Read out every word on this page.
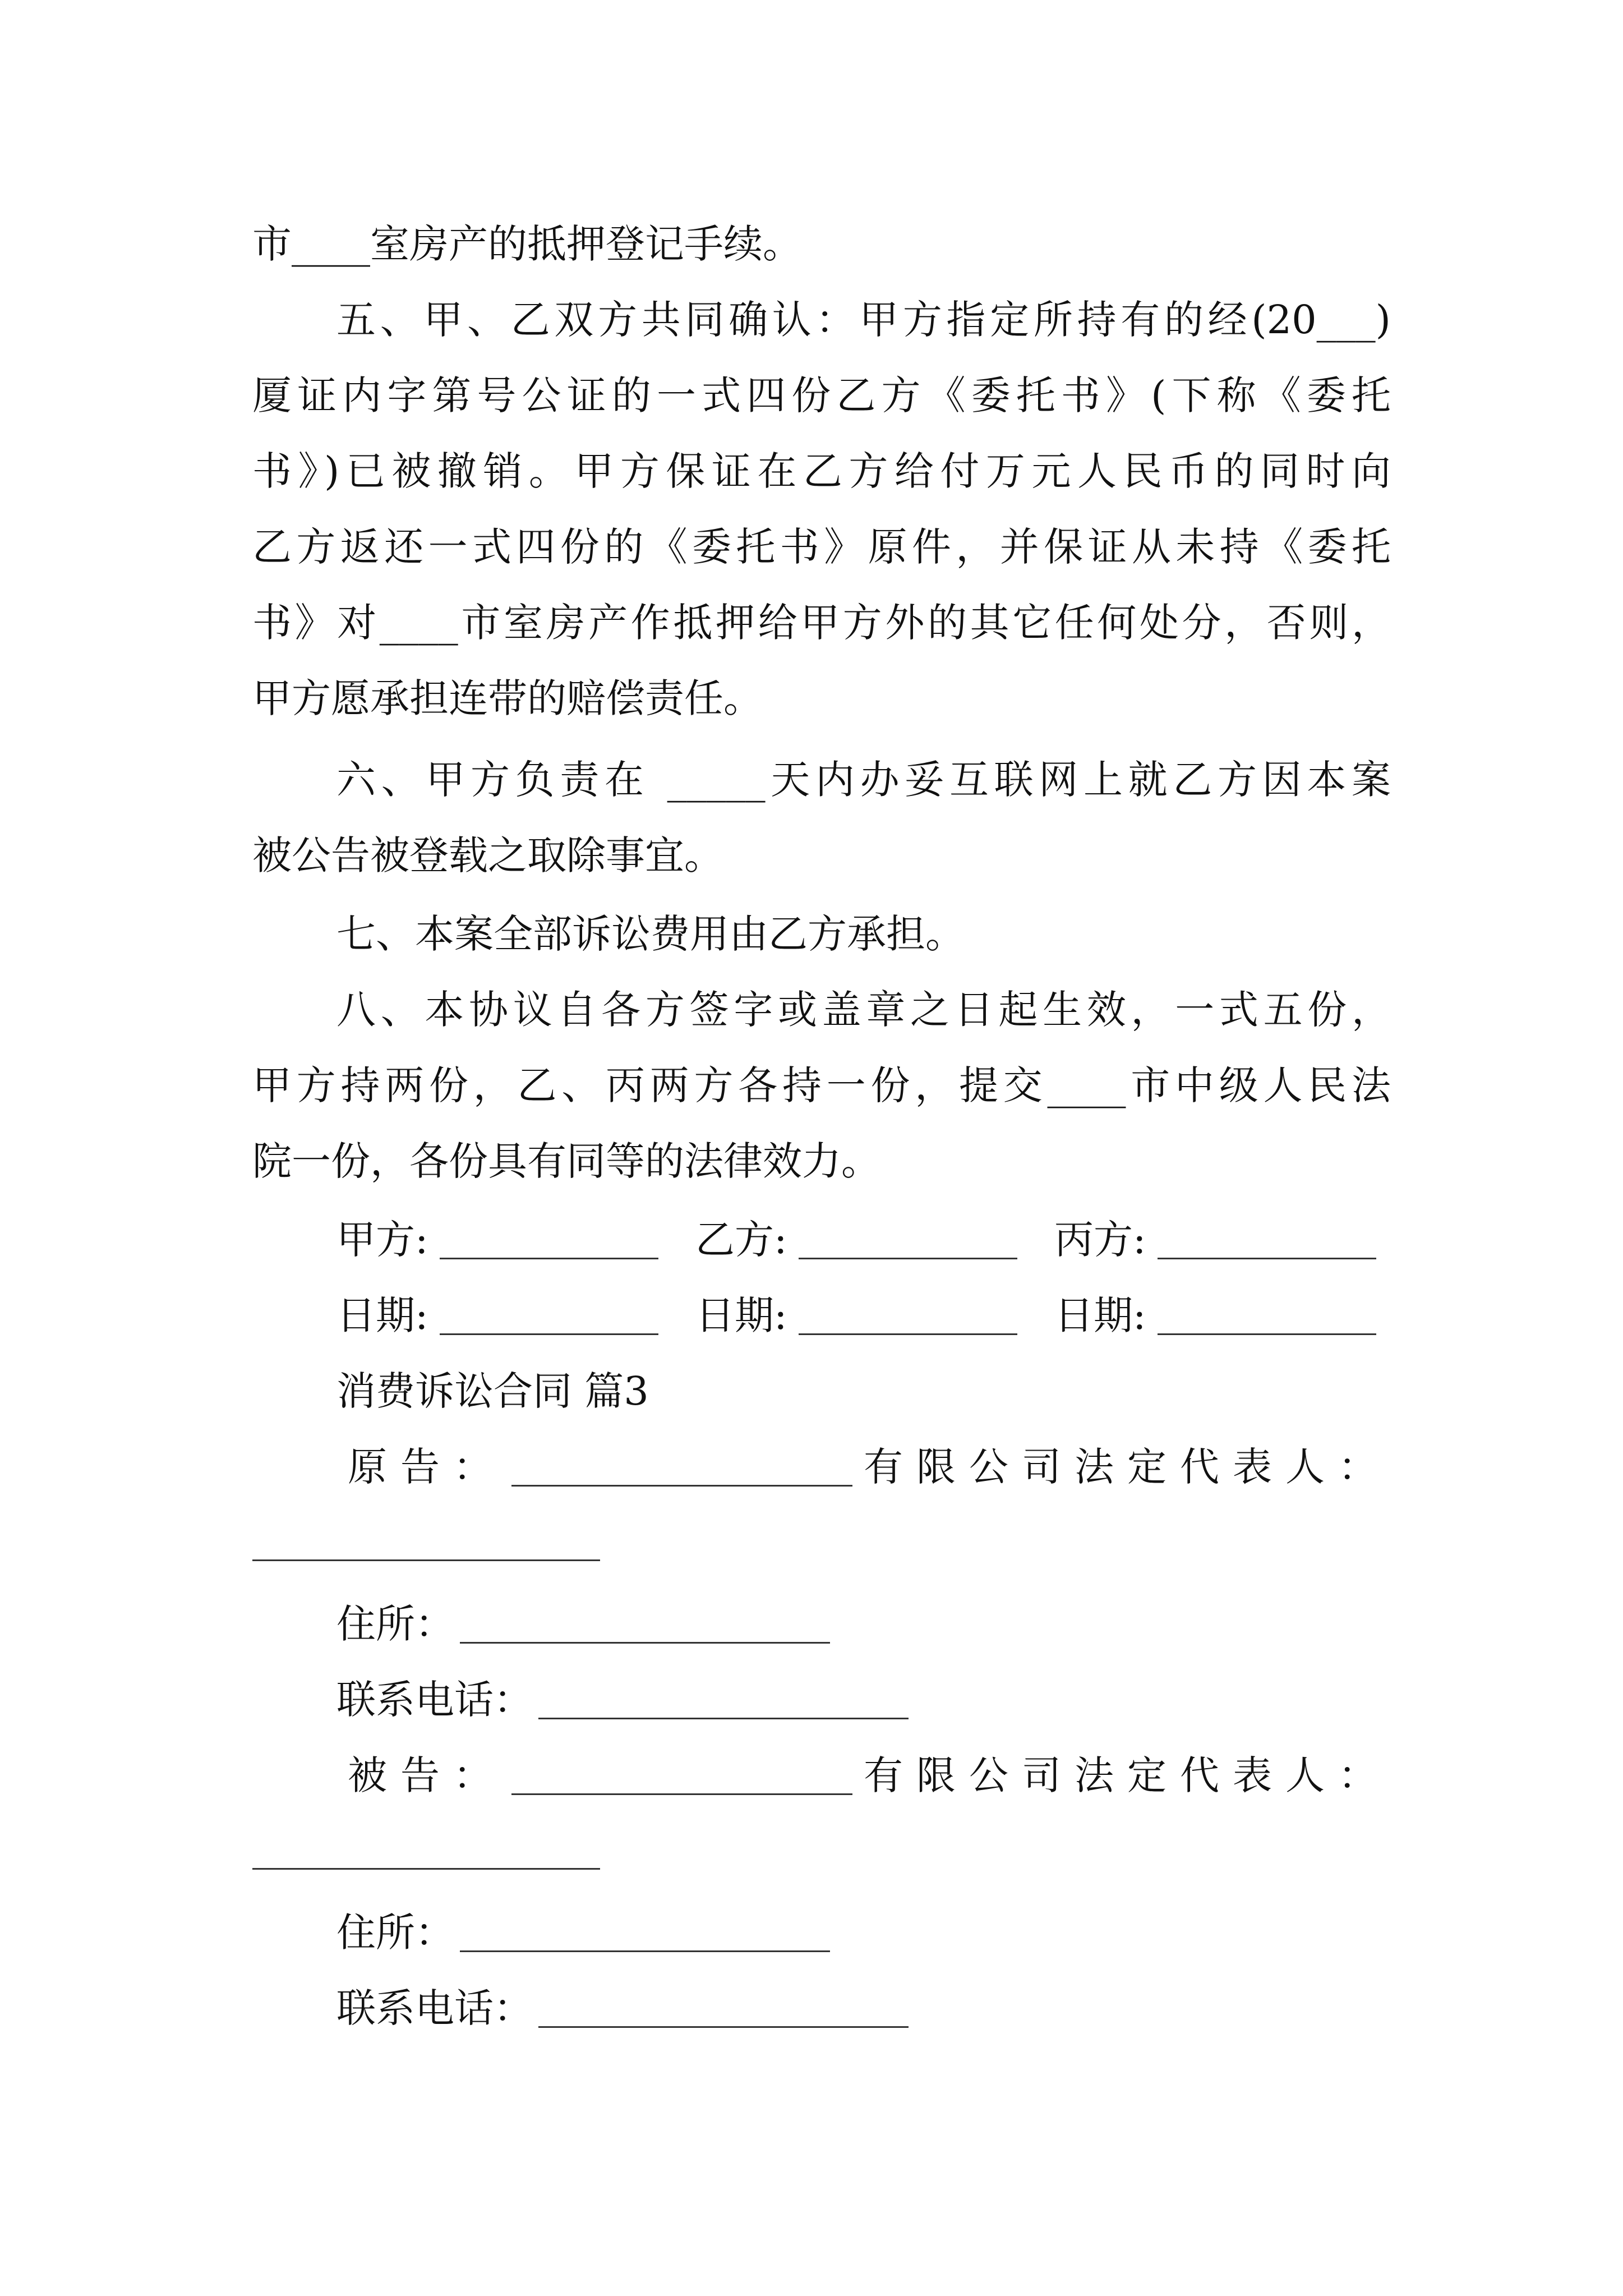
市____室房产的抵押登记手续。
五、甲、乙双方共同确认：甲方指定所持有的经(20___)
厦证内字第号公证的一式四份乙方《委托书》(下称《委托
书》)已被撤销。甲方保证在乙方给付万元人民币的同时向
乙方返还一式四份的《委托书》原件，并保证从未持《委托
书》对____市室房产作抵押给甲方外的其它任何处分，否则，
甲方愿承担连带的赔偿责任。
六、甲方负责在 _____天内办妥互联网上就乙方因本案
被公告被登载之取除事宜。
七、本案全部诉讼费用由乙方承担。
八、本协议自各方签字或盖章之日起生效，一式五份，
甲方持两份，乙、丙两方各持一份，提交____市中级人民法
院一份，各份具有同等的法律效力。
甲方:	乙方:	丙方:
日期:	日期:	日期:
消费诉讼合同 篇3
原告：	有限公司法定代表人：
住所：
联系电话：
被告：	有限公司法定代表人：
住所：
联系电话：
